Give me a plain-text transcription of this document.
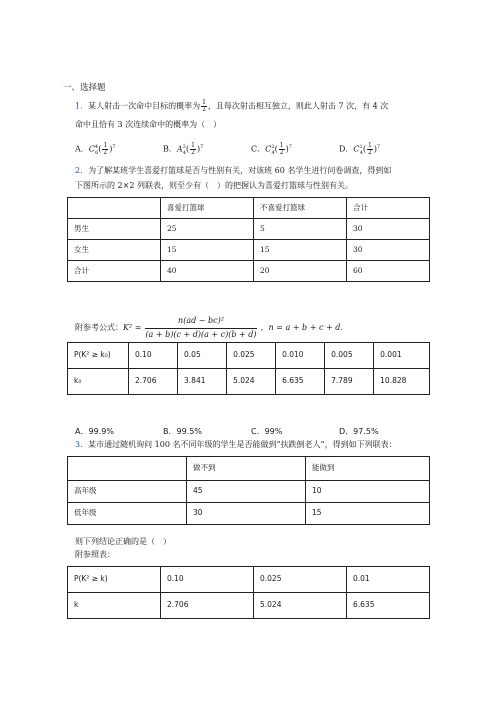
一、选择题
1．某人射击一次命中目标的概率为 $\frac{1}{2}$ ，且每次射击相互独立，则此人射击 7 次，有 4 次
命中且恰有 3 次连续命中的概率为（　）
A．$C^4_6( \frac{1}{2} )^7$	B．$A^2_4( \frac{1}{2} )^7$	C．$C^2_4( \frac{1}{2} )^7$	D．$C^1_4( \frac{1}{2} )^7$
2．为了解某班学生喜爱打篮球是否与性别有关，对该班 60 名学生进行问卷调查，得到如
下图所示的 2×2 列联表，则至少有（　）的把握认为喜爱打篮球与性别有关。
	喜爱打篮球	不喜爱打篮球	合计
男生	25	5	30
女生	15	15	30
合计	40	20	60
附参考公式： $K^2 = \frac{\text{n(ad − bc)²}}{(a + b)(c + d)(a + c)(b + d)}$ ，n = a + b + c + d．
P(K² ≥ k₀)	0.10	0.05	0.025	0.010	0.005	0.001
k₀	2.706	3.841	5.024	6.635	7.789	10.828
A．99.9%	B．99.5%	C．99%	D．97.5%
3．某市通过随机询问 100 名不同年级的学生是否能做到“扶跌倒老人”，得到如下列联表：
	做不到	能做到
高年级	45	10
低年级	30	15
则下列结论正确的是（　）
附参照表：
P(K² ≥ k)	0.10	0.025	0.01
k	2.706	5.024	6.635
